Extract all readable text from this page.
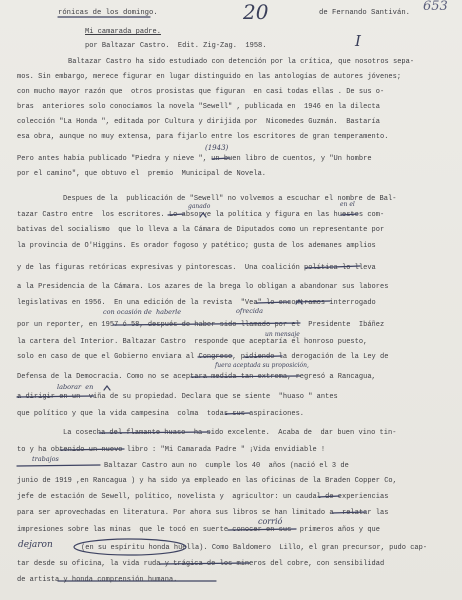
rónicas de los domingo.	20	de Fernando Santiván. 653
Mi camarada padre.
por Baltazar Castro.  Edit. Zig-Zag.  1958.	I
Baltazar Castro ha sido estudiado con detención por la crítica, que nosotros sepa-
mos. Sin embargo, merece figurar en lugar distinguido en las antologías de autores jóvenes;
con mucho mayor razón que  otros prosistas que figuran  en casi todas ellas . De sus o-
bras  anteriores solo conocíamos la novela "Sewell" , publicada en  1946 en la dilecta
colección "La Honda ", editada por Cultura y dirijida por  Nicomedes Guzmán.  Bastaría
esa obra, aunque no muy extensa, para fijarlo entre los escritores de gran temperamento.
Pero antes había publicado "Piedra y nieve ", un buen libro de cuentos, y "Un hombre
por el camino", que obtuvo el  premio  Municipal de Novela.
Despues de la  publicación de "Sewell" no volvemos a escuchar el nombre de Bal-
tazar Castro entre  los escritores. Lo absorve la política y figura en las huestes com-
bativas del socialismo  que lo lleva a la Cámara de Diputados como un representante por
la provincia de O'Higgins. Es orador fogoso y patético; gusta de los ademanes amplios
y de las figuras retóricas expresivas y pintorescas.  Una coalición política lo lleva
a la Presidencia de la Cámara. Los azares de la brega lo obligan a abandonar sus labores
legislativas en 1956.  En una edición de la revista  "Vea" lo encontramos interrogado
por un reporter, en 1957 ó 58, después de haber sido llamado por el  Presidente  Ibáñez
la cartera del Interior. Baltazar Castro  responde que aceptaría el honroso puesto,
solo en caso de que el Gobierno enviara al Congreso, pidiendo la derogación de la Ley de
Defensa de la Democracia. Como no se aceptara medida tan extrema, regresó a Rancagua,
a dirigir en un  viña de su propiedad. Declara que se siente  "huaso " antes
que político y que la vida campesina  colma  todas sus aspiraciones.
La cosecha del flamante huaso  ha sido excelente.  Acaba de  dar buen vino tin-
to y ha obtenido un nuevo libro : "Mi Camarada Padre " ¡Vida envidiable !
Baltazar Castro aun no  cumple los 40  años (nació el 3 de
junio de 1919 ,en Rancagua ) y ha sido ya empleado en las oficinas de la Braden Copper Co,
jefe de estación de Sewell, político, novelista y  agricultor: un caudal de experiencias
para ser aprovechadas en literatura. Por ahora sus libros se han limitado a  relatar las
impresiones sobre las minas  que le tocó en suerte conocer en sus  primeros años y que
(en su espíritu honda huella). Como Baldomero  Lillo, el gran precursor, pudo cap-
tar desde su oficina, la vida ruda y trágica de los mineros del cobre, con sensibilidad
de artista y honda comprensión humana.
(1943)
ganado	en el
un mensaje
fuera aceptada su proposición,
laborar  en
con ocasión de  haberle	ofrecida
corrió
dejaron
trabajos
